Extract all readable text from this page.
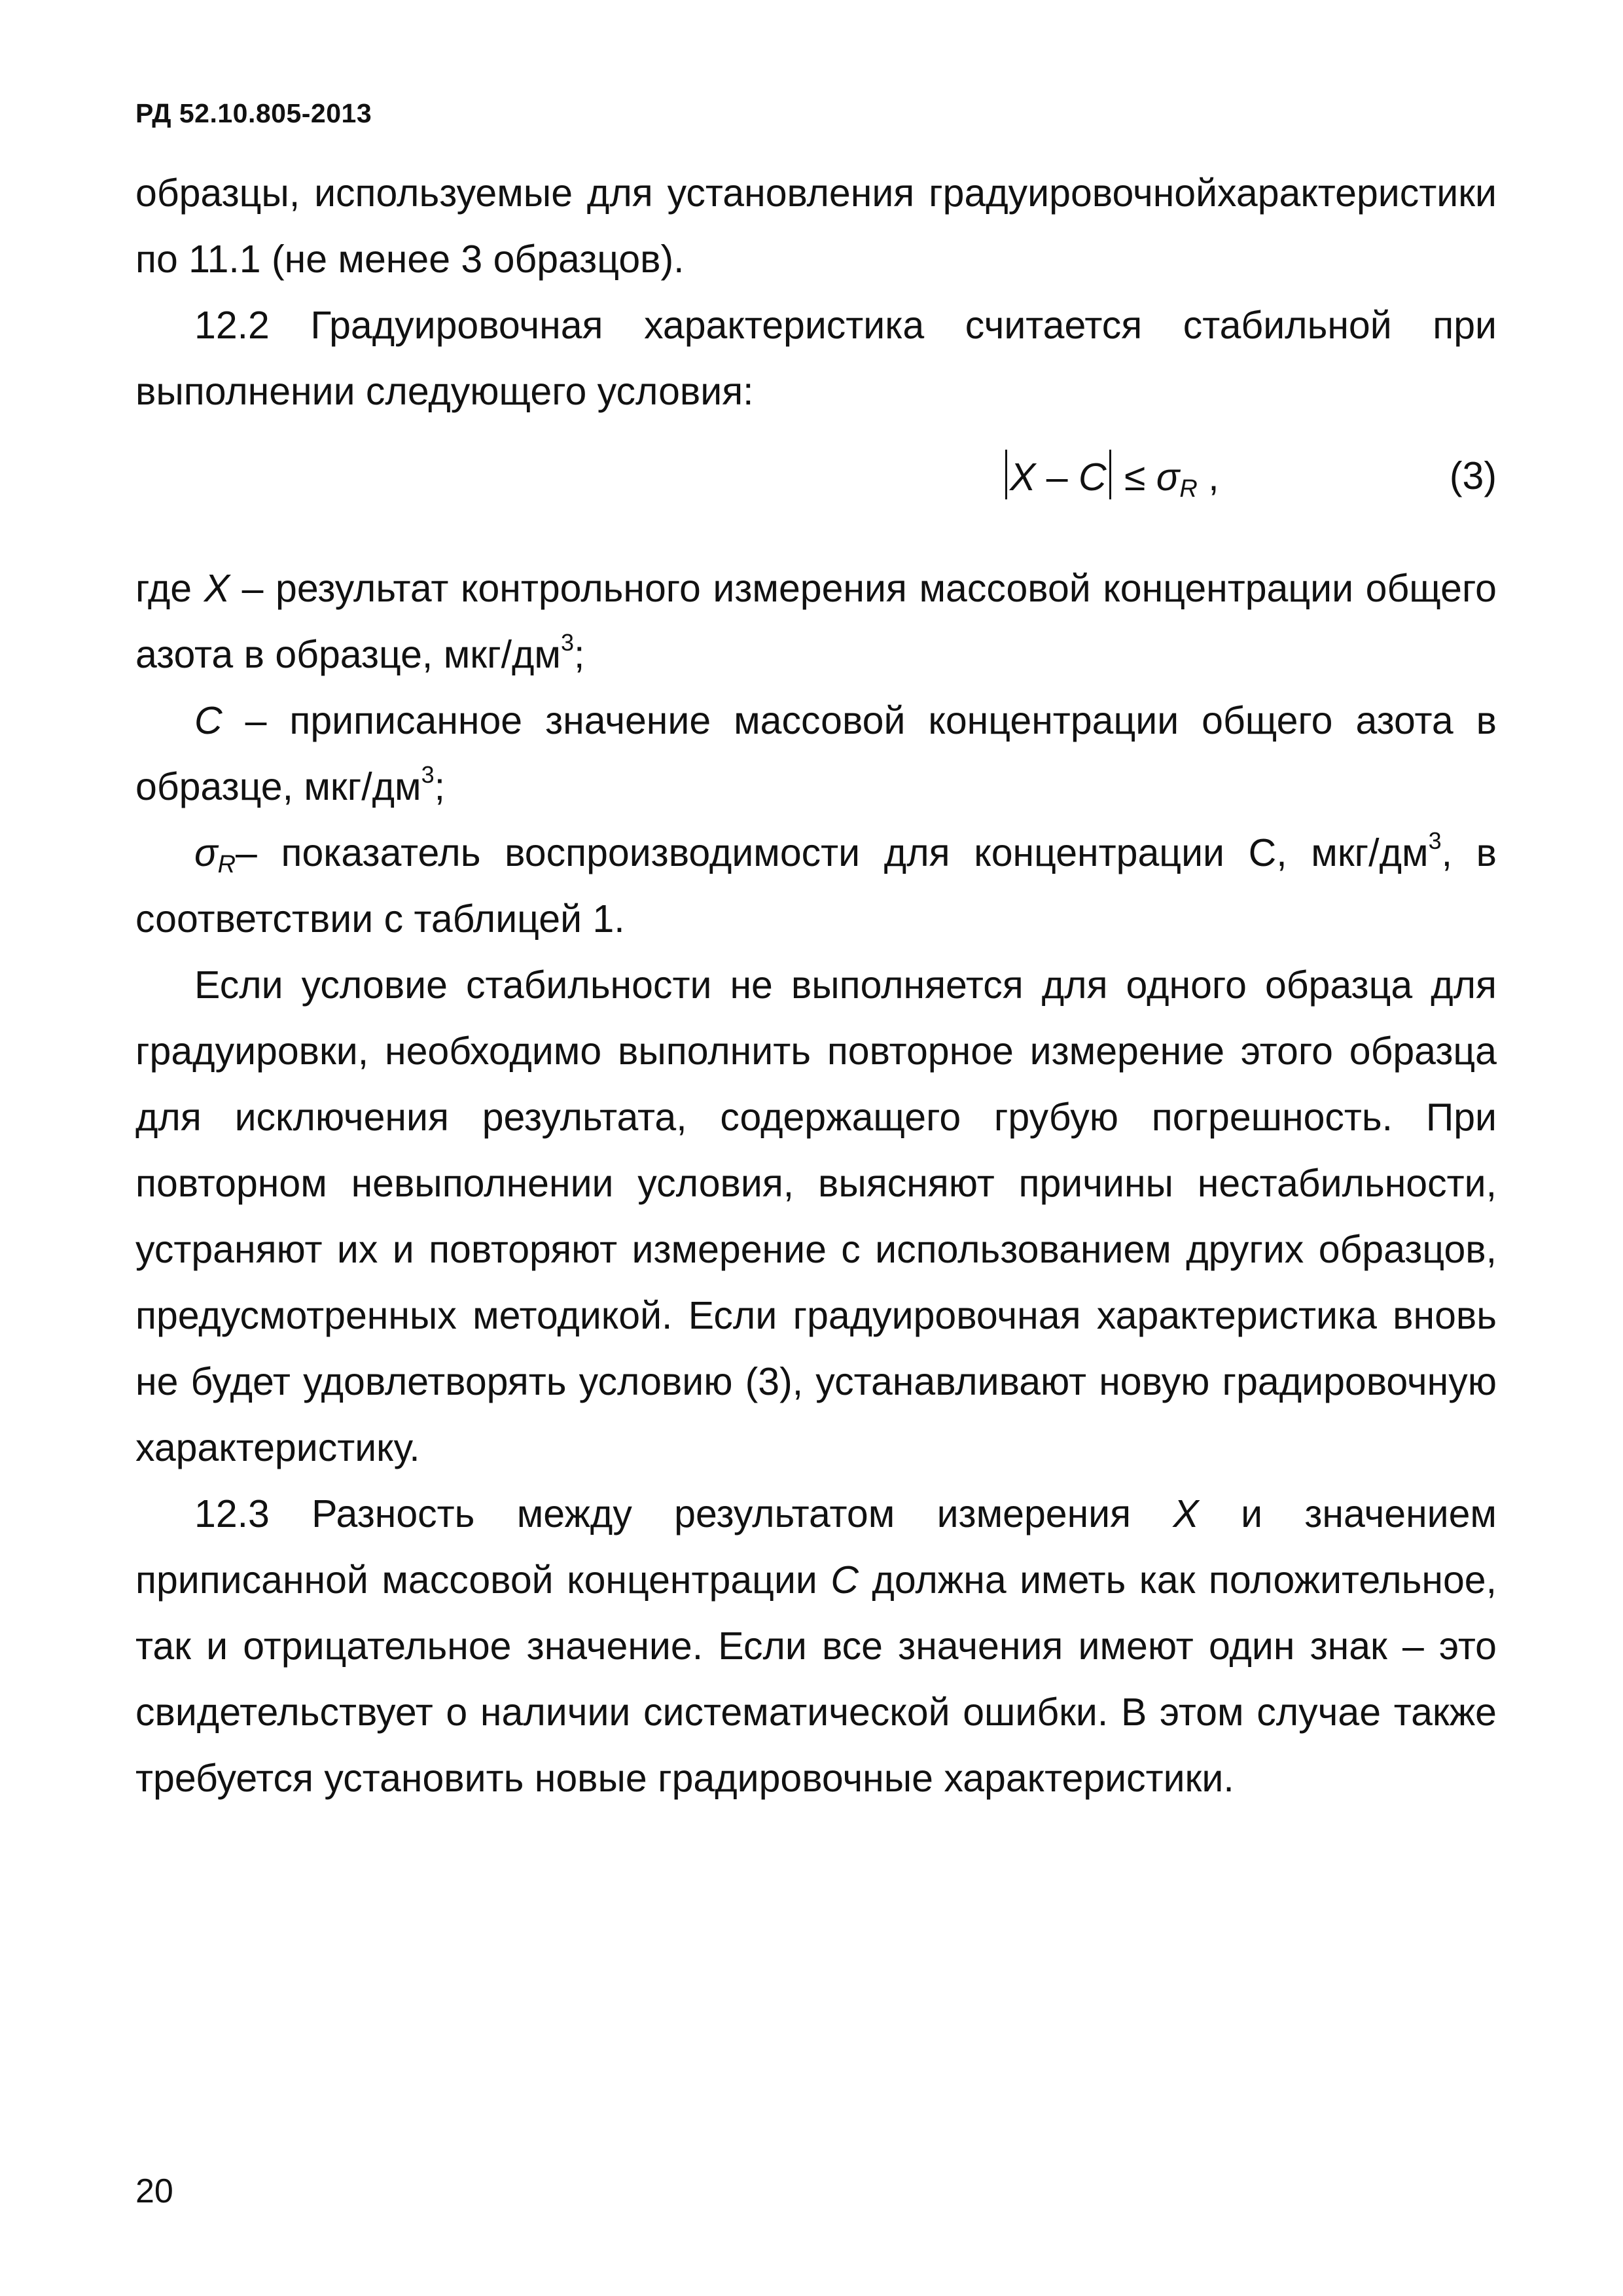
РД 52.10.805-2013

образцы, используемые для установления градуировочнойхарактеристики по 11.1 (не менее 3 образцов).

12.2 Градуировочная характеристика считается стабильной при выполнении следующего условия:

$X - C \le \sigma_R$ ,	(3)

где X – результат контрольного измерения массовой концентрации общего азота в образце, мкг/$дм^3$;

C – приписанное значение массовой концентрации общего азота в образце, мкг/$дм^3$;

$\sigma_R-$ показатель воспроизводимости для концентрации С, мкг/$дм^3$, в соответствии с таблицей 1.

Если условие стабильности не выполняется для одного образца для градуировки, необходимо выполнить повторное измерение этого образца для исключения результата, содержащего грубую погрешность. При повторном невыполнении условия, выясняют причины нестабильности, устраняют их и повторяют измерение с использованием других образцов, предусмотренных методикой. Если градуировочная характеристика вновь не будет удовлетворять условию (3), устанавливают новую градировочную характеристику.

12.3 Разность между результатом измерения X и значением приписанной массовой концентрации C должна иметь как положительное, так и отрицательное значение. Если все значения имеют один знак – это свидетельствует о наличии систематической ошибки. В этом случае также требуется установить новые градировочные характеристики.

20
